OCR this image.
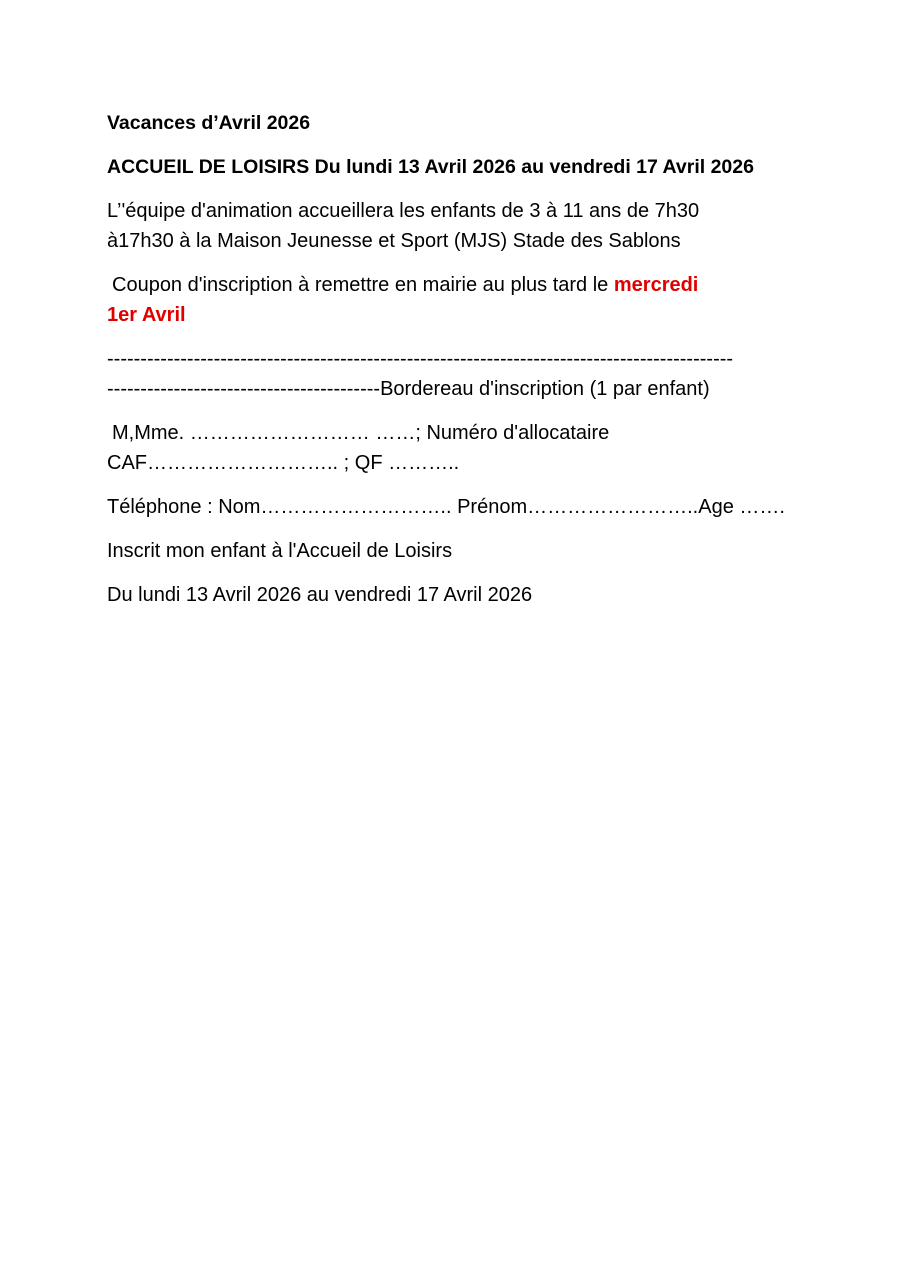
Vacances d’Avril 2026

ACCUEIL DE LOISIRS Du lundi 13 Avril 2026 au vendredi 17 Avril 2026

L’'équipe d'animation accueillera les enfants de 3 à 11 ans de 7h30
à17h30 à la Maison Jeunesse et Sport (MJS) Stade des Sablons

Coupon d'inscription à remettre en mairie au plus tard le mercredi
1er Avril

----------------------------------------------------------------------------------------------
-----------------------------------------Bordereau d'inscription (1 par enfant)

M,Mme. ……………………… ……; Numéro d'allocataire
CAF……………………….. ; QF ………..

Téléphone : Nom……………………….. Prénom……………………..Age …….

Inscrit mon enfant à l'Accueil de Loisirs

Du lundi 13 Avril 2026 au vendredi 17 Avril 2026
